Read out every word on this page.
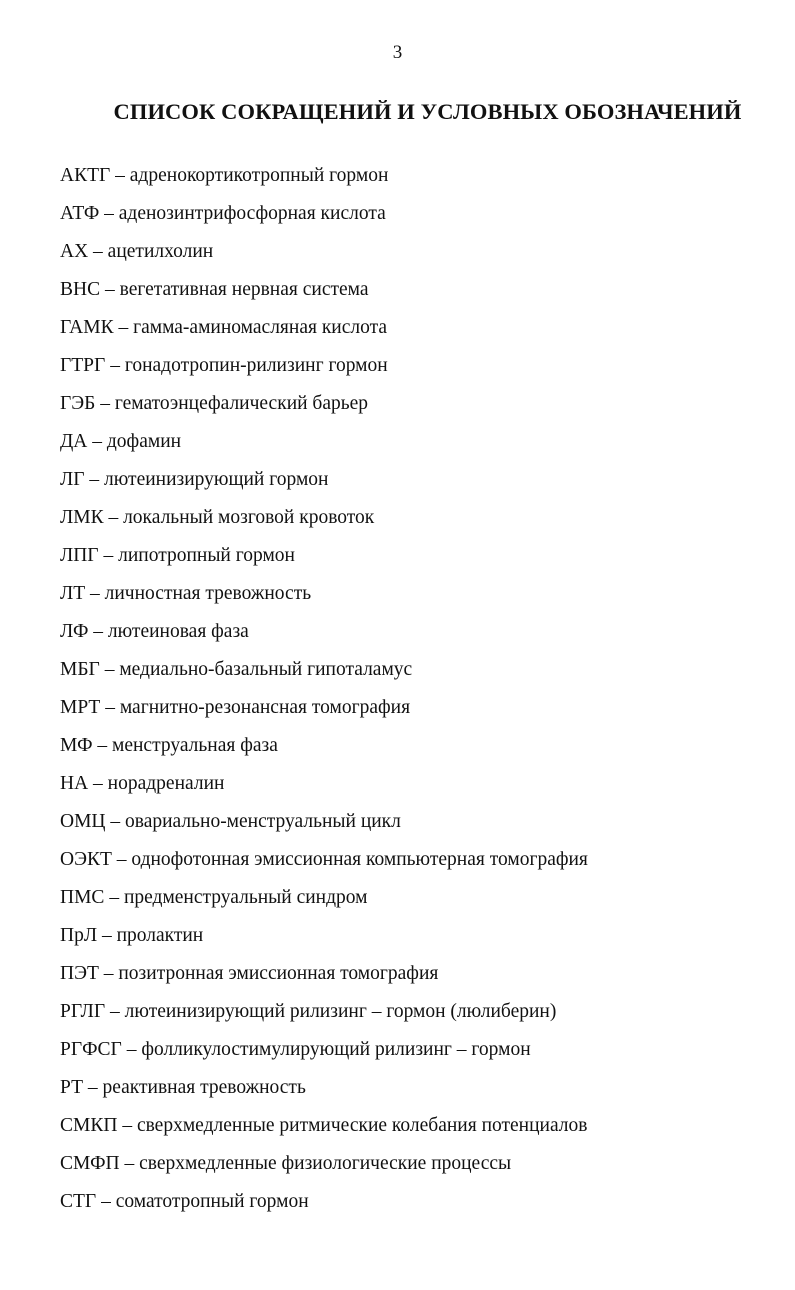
3
СПИСОК СОКРАЩЕНИЙ И УСЛОВНЫХ ОБОЗНАЧЕНИЙ
АКТГ – адренокортикотропный гормон
АТФ – аденозинтрифосфорная кислота
АХ – ацетилхолин
ВНС – вегетативная нервная система
ГАМК – гамма-аминомасляная кислота
ГТРГ – гонадотропин-рилизинг гормон
ГЭБ – гематоэнцефалический барьер
ДА – дофамин
ЛГ – лютеинизирующий гормон
ЛМК – локальный мозговой кровоток
ЛПГ – липотропный гормон
ЛТ – личностная тревожность
ЛФ – лютеиновая фаза
МБГ – медиально-базальный гипоталамус
МРТ – магнитно-резонансная томография
МФ – менструальная фаза
НА – норадреналин
ОМЦ – овариально-менструальный цикл
ОЭКТ – однофотонная эмиссионная компьютерная томография
ПМС – предменструальный синдром
ПрЛ – пролактин
ПЭТ – позитронная эмиссионная томография
РГЛГ – лютеинизирующий рилизинг – гормон (люлиберин)
РГФСГ – фолликулостимулирующий рилизинг – гормон
РТ – реактивная тревожность
СМКП – сверхмедленные ритмические колебания потенциалов
СМФП – сверхмедленные физиологические процессы
СТГ – соматотропный гормон
